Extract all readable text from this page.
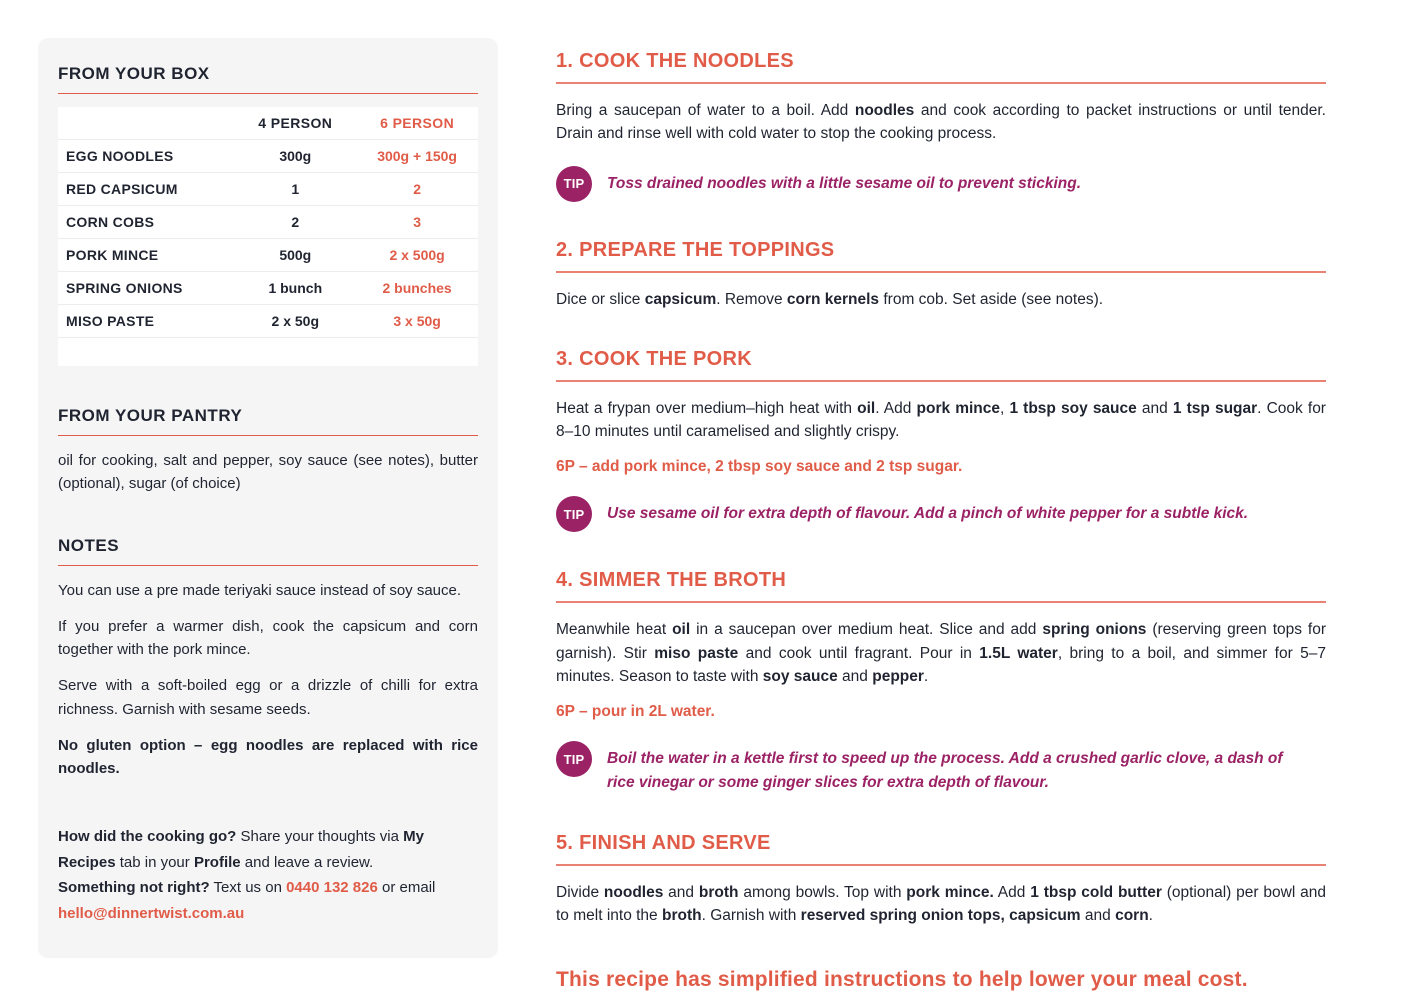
FROM YOUR BOX
	4 PERSON	6 PERSON
EGG NOODLES	300g	300g + 150g
RED CAPSICUM	1	2
CORN COBS	2	3
PORK MINCE	500g	2 x 500g
SPRING ONIONS	1 bunch	2 bunches
MISO PASTE	2 x 50g	3 x 50g
FROM YOUR PANTRY

oil for cooking, salt and pepper, soy sauce (see notes), butter (optional), sugar (of choice)

NOTES

You can use a pre made teriyaki sauce instead of soy sauce.

If you prefer a warmer dish, cook the capsicum and corn together with the pork mince.

Serve with a soft-boiled egg or a drizzle of chilli for extra richness. Garnish with sesame seeds.

No gluten option – egg noodles are replaced with rice noodles.

How did the cooking go? Share your thoughts via My Recipes tab in your Profile and leave a review.

Something not right? Text us on 0440 132 826 or email hello@dinnertwist.com.au

1. COOK THE NOODLES

Bring a saucepan of water to a boil. Add noodles and cook according to packet instructions or until tender. Drain and rinse well with cold water to stop the cooking process.

TIP	Toss drained noodles with a little sesame oil to prevent sticking.

2. PREPARE THE TOPPINGS

Dice or slice capsicum. Remove corn kernels from cob. Set aside (see notes).

3. COOK THE PORK

Heat a frypan over medium–high heat with oil. Add pork mince, 1 tbsp soy sauce and 1 tsp sugar. Cook for 8–10 minutes until caramelised and slightly crispy.

6P – add pork mince, 2 tbsp soy sauce and 2 tsp sugar.

TIP	Use sesame oil for extra depth of flavour. Add a pinch of white pepper for a subtle kick.

4. SIMMER THE BROTH

Meanwhile heat oil in a saucepan over medium heat. Slice and add spring onions (reserving green tops for garnish). Stir miso paste and cook until fragrant. Pour in 1.5L water, bring to a boil, and simmer for 5–7 minutes. Season to taste with soy sauce and pepper.

6P – pour in 2L water.

TIP	Boil the water in a kettle first to speed up the process. Add a crushed garlic clove, a dash of rice vinegar or some ginger slices for extra depth of flavour.

5. FINISH AND SERVE

Divide noodles and broth among bowls. Top with pork mince. Add 1 tbsp cold butter (optional) per bowl and to melt into the broth. Garnish with reserved spring onion tops, capsicum and corn.

This recipe has simplified instructions to help lower your meal cost.
